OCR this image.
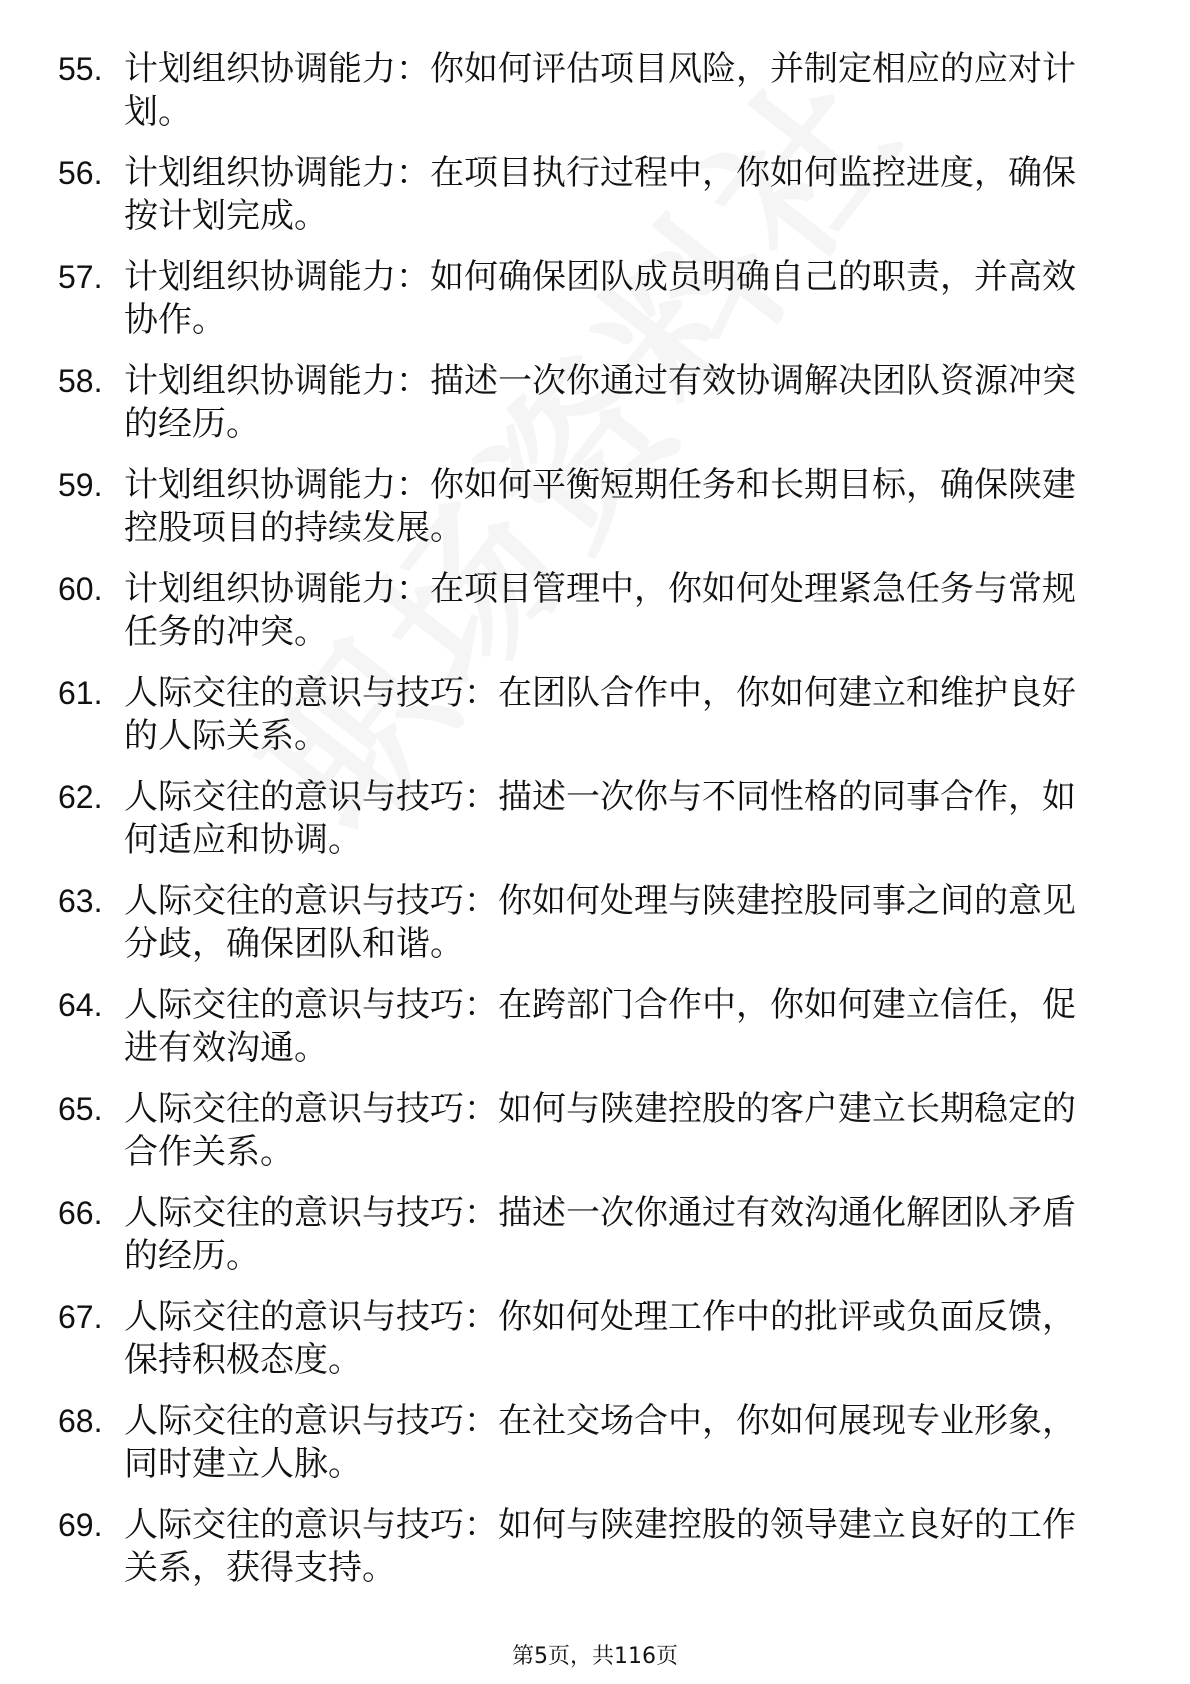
55. 计划组织协调能力：你如何评估项目风险，并制定相应的应对计划。
56. 计划组织协调能力：在项目执行过程中，你如何监控进度，确保按计划完成。
57. 计划组织协调能力：如何确保团队成员明确自己的职责，并高效协作。
58. 计划组织协调能力：描述一次你通过有效协调解决团队资源冲突的经历。
59. 计划组织协调能力：你如何平衡短期任务和长期目标，确保陕建控股项目的持续发展。
60. 计划组织协调能力：在项目管理中，你如何处理紧急任务与常规任务的冲突。
61. 人际交往的意识与技巧：在团队合作中，你如何建立和维护良好的人际关系。
62. 人际交往的意识与技巧：描述一次你与不同性格的同事合作，如何适应和协调。
63. 人际交往的意识与技巧：你如何处理与陕建控股同事之间的意见分歧，确保团队和谐。
64. 人际交往的意识与技巧：在跨部门合作中，你如何建立信任，促进有效沟通。
65. 人际交往的意识与技巧：如何与陕建控股的客户建立长期稳定的合作关系。
66. 人际交往的意识与技巧：描述一次你通过有效沟通化解团队矛盾的经历。
67. 人际交往的意识与技巧：你如何处理工作中的批评或负面反馈，保持积极态度。
68. 人际交往的意识与技巧：在社交场合中，你如何展现专业形象，同时建立人脉。
69. 人际交往的意识与技巧：如何与陕建控股的领导建立良好的工作关系，获得支持。
第5页，共116页
